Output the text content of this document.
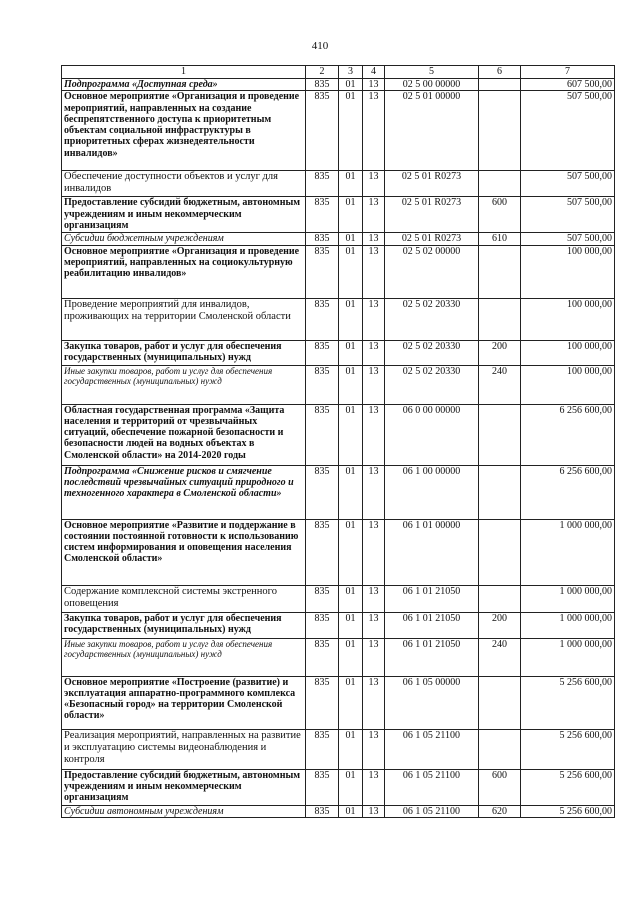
410
1	2	3	4	5	6	7
Подпрограмма «Доступная среда»	835	01	13	02 5 00 00000		607 500,00
Основное мероприятие «Организация и проведение мероприятий, направленных на создание беспрепятственного доступа к приоритетным объектам социальной инфраструктуры в приоритетных сферах жизнедеятельности инвалидов»	835	01	13	02 5 01 00000		507 500,00
Обеспечение доступности объектов и услуг для инвалидов	835	01	13	02 5 01 R0273		507 500,00
Предоставление субсидий бюджетным, автономным учреждениям и иным некоммерческим организациям	835	01	13	02 5 01 R0273	600	507 500,00
Субсидии бюджетным учреждениям	835	01	13	02 5 01 R0273	610	507 500,00
Основное мероприятие «Организация и проведение мероприятий, направленных на социокультурную реабилитацию инвалидов»	835	01	13	02 5 02 00000		100 000,00
Проведение мероприятий для инвалидов, проживающих на территории Смоленской области	835	01	13	02 5 02 20330		100 000,00
Закупка товаров, работ и услуг для обеспечения государственных (муниципальных) нужд	835	01	13	02 5 02 20330	200	100 000,00
Иные закупки товаров, работ и услуг для обеспечения государственных (муниципальных) нужд	835	01	13	02 5 02 20330	240	100 000,00
Областная государственная программа «Защита населения и территорий от чрезвычайных ситуаций, обеспечение пожарной безопасности и безопасности людей на водных объектах в Смоленской области» на 2014-2020 годы	835	01	13	06 0 00 00000		6 256 600,00
Подпрограмма «Снижение рисков и смягчение последствий чрезвычайных ситуаций природного и техногенного характера в Смоленской области»	835	01	13	06 1 00 00000		6 256 600,00
Основное мероприятие «Развитие и поддержание в состоянии постоянной готовности к использованию систем информирования и оповещения населения Смоленской области»	835	01	13	06 1 01 00000		1 000 000,00
Содержание комплексной системы экстренного оповещения	835	01	13	06 1 01 21050		1 000 000,00
Закупка товаров, работ и услуг для обеспечения государственных (муниципальных) нужд	835	01	13	06 1 01 21050	200	1 000 000,00
Иные закупки товаров, работ и услуг для обеспечения государственных (муниципальных) нужд	835	01	13	06 1 01 21050	240	1 000 000,00
Основное мероприятие «Построение (развитие) и эксплуатация аппаратно-программного комплекса «Безопасный город» на территории Смоленской области»	835	01	13	06 1 05 00000		5 256 600,00
Реализация мероприятий, направленных на развитие и эксплуатацию системы видеонаблюдения и контроля	835	01	13	06 1 05 21100		5 256 600,00
Предоставление субсидий бюджетным, автономным учреждениям и иным некоммерческим организациям	835	01	13	06 1 05 21100	600	5 256 600,00
Субсидии автономным учреждениям	835	01	13	06 1 05 21100	620	5 256 600,00
